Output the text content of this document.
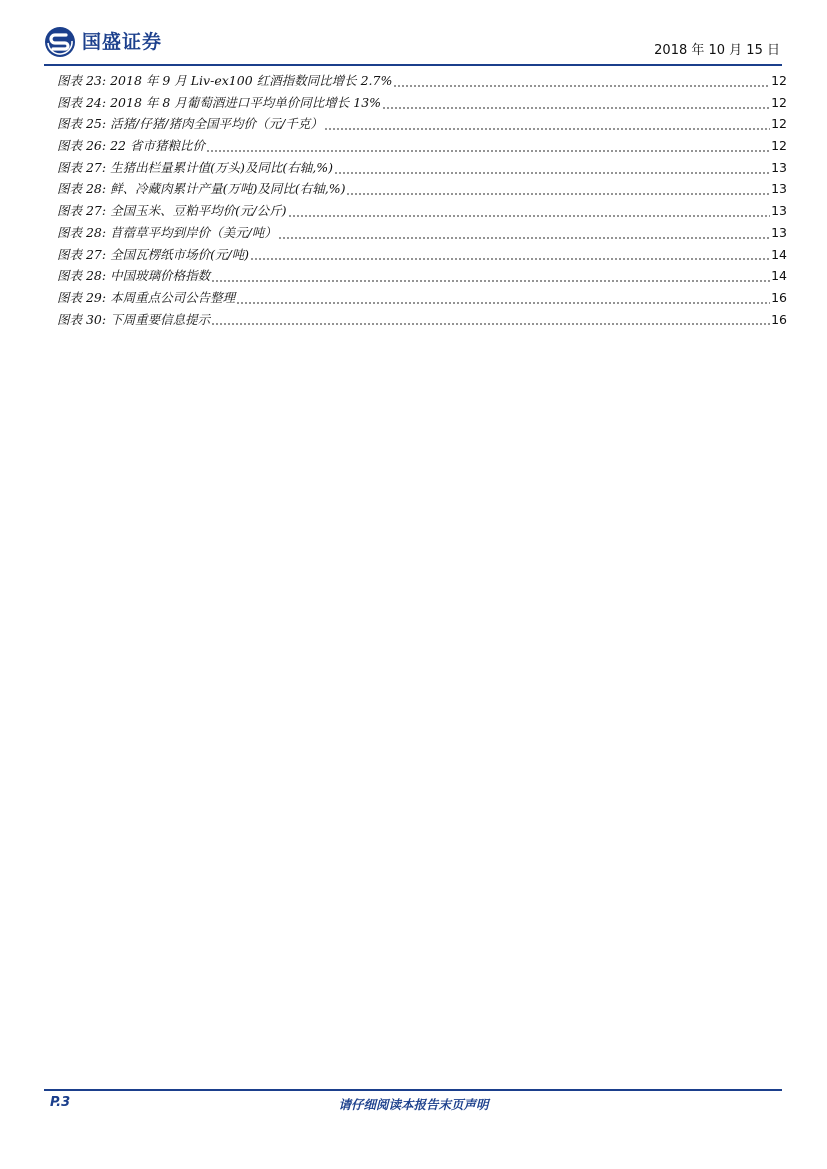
国盛证券	2018 年 10 月 15 日
图表 23: 2018 年 9 月 Liv-ex100 红酒指数同比增长 2.7%	12
图表 24: 2018 年 8 月葡萄酒进口平均单价同比增长 13%	12
图表 25: 活猪/仔猪/猪肉全国平均价（元/千克）	12
图表 26: 22 省市猪粮比价	12
图表 27: 生猪出栏量累计值(万头)及同比(右轴,%)	13
图表 28: 鲜、冷藏肉累计产量(万吨)及同比(右轴,%)	13
图表 27: 全国玉米、豆粕平均价(元/公斤)	13
图表 28: 苜蓿草平均到岸价（美元/吨）	13
图表 27: 全国瓦楞纸市场价(元/吨)	14
图表 28: 中国玻璃价格指数	14
图表 29: 本周重点公司公告整理	16
图表 30: 下周重要信息提示	16
P.3	请仔细阅读本报告末页声明
